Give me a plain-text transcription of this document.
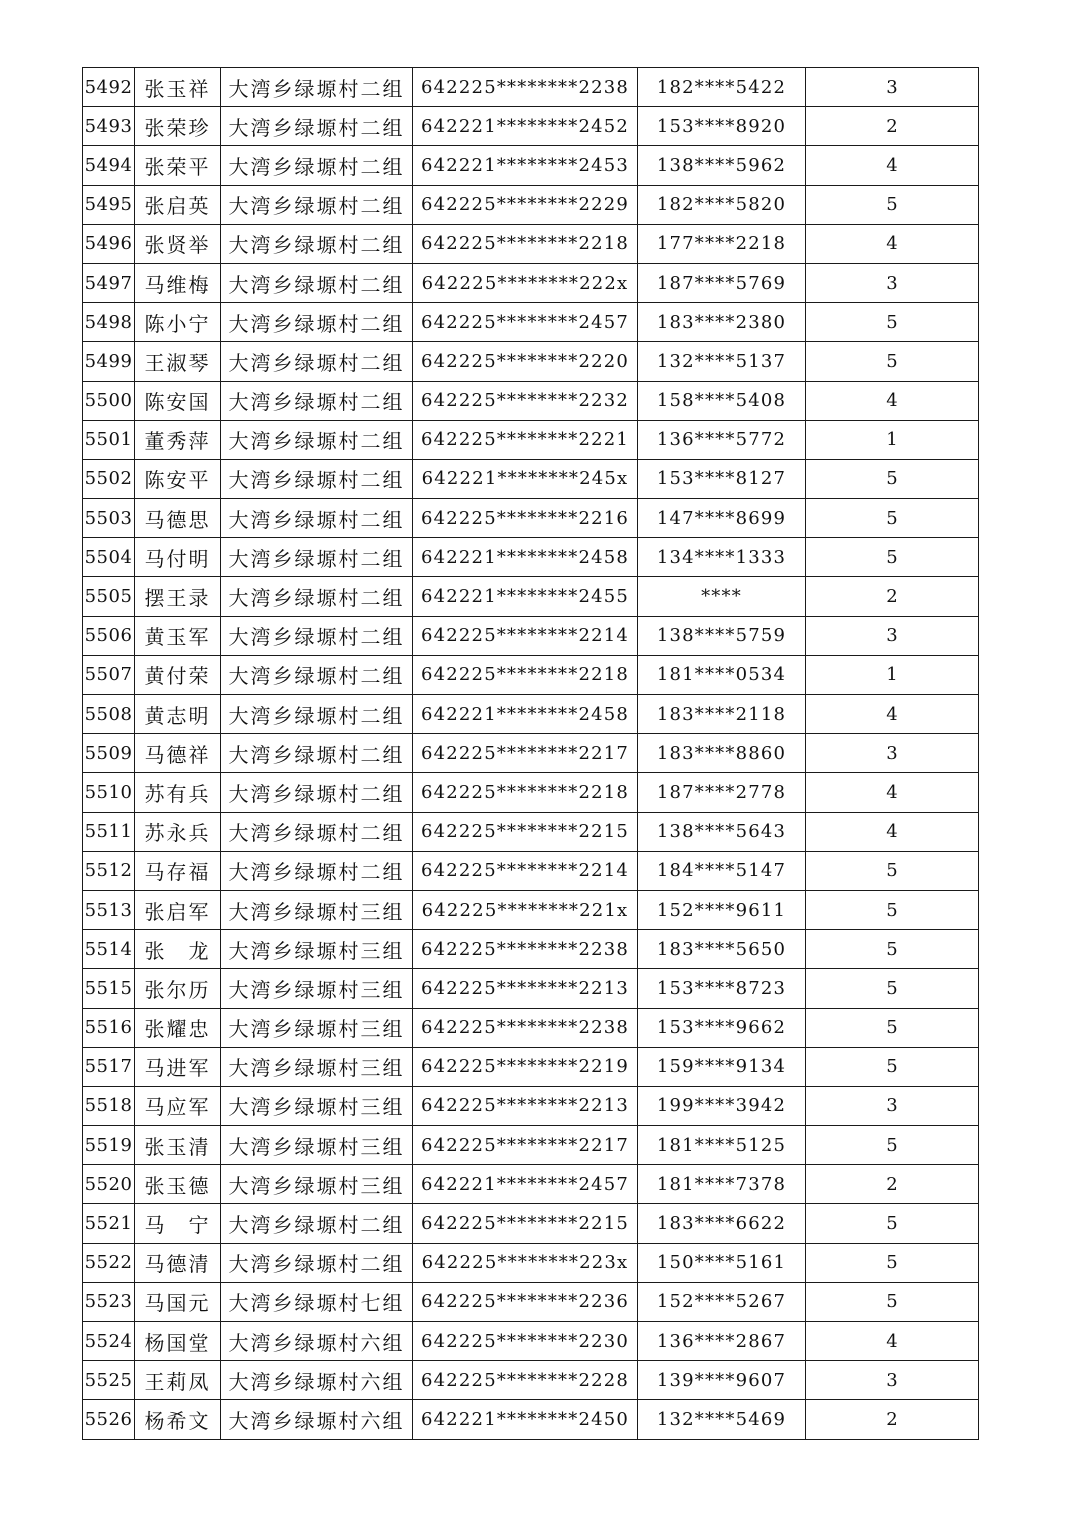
5492	张玉祥	大湾乡绿塬村二组	642225********2238	182****5422	3
5493	张荣珍	大湾乡绿塬村二组	642221********2452	153****8920	2
5494	张荣平	大湾乡绿塬村二组	642221********2453	138****5962	4
5495	张启英	大湾乡绿塬村二组	642225********2229	182****5820	5
5496	张贤举	大湾乡绿塬村二组	642225********2218	177****2218	4
5497	马维梅	大湾乡绿塬村二组	642225********222x	187****5769	3
5498	陈小宁	大湾乡绿塬村二组	642225********2457	183****2380	5
5499	王淑琴	大湾乡绿塬村二组	642225********2220	132****5137	5
5500	陈安国	大湾乡绿塬村二组	642225********2232	158****5408	4
5501	董秀萍	大湾乡绿塬村二组	642225********2221	136****5772	1
5502	陈安平	大湾乡绿塬村二组	642221********245x	153****8127	5
5503	马德思	大湾乡绿塬村二组	642225********2216	147****8699	5
5504	马付明	大湾乡绿塬村二组	642221********2458	134****1333	5
5505	摆王录	大湾乡绿塬村二组	642221********2455	****	2
5506	黄玉军	大湾乡绿塬村二组	642225********2214	138****5759	3
5507	黄付荣	大湾乡绿塬村二组	642225********2218	181****0534	1
5508	黄志明	大湾乡绿塬村二组	642221********2458	183****2118	4
5509	马德祥	大湾乡绿塬村二组	642225********2217	183****8860	3
5510	苏有兵	大湾乡绿塬村二组	642225********2218	187****2778	4
5511	苏永兵	大湾乡绿塬村二组	642225********2215	138****5643	4
5512	马存福	大湾乡绿塬村二组	642225********2214	184****5147	5
5513	张启军	大湾乡绿塬村三组	642225********221x	152****9611	5
5514	张　龙	大湾乡绿塬村三组	642225********2238	183****5650	5
5515	张尔历	大湾乡绿塬村三组	642225********2213	153****8723	5
5516	张耀忠	大湾乡绿塬村三组	642225********2238	153****9662	5
5517	马进军	大湾乡绿塬村三组	642225********2219	159****9134	5
5518	马应军	大湾乡绿塬村三组	642225********2213	199****3942	3
5519	张玉清	大湾乡绿塬村三组	642225********2217	181****5125	5
5520	张玉德	大湾乡绿塬村三组	642221********2457	181****7378	2
5521	马　宁	大湾乡绿塬村二组	642225********2215	183****6622	5
5522	马德清	大湾乡绿塬村二组	642225********223x	150****5161	5
5523	马国元	大湾乡绿塬村七组	642225********2236	152****5267	5
5524	杨国堂	大湾乡绿塬村六组	642225********2230	136****2867	4
5525	王莉凤	大湾乡绿塬村六组	642225********2228	139****9607	3
5526	杨希文	大湾乡绿塬村六组	642221********2450	132****5469	2
